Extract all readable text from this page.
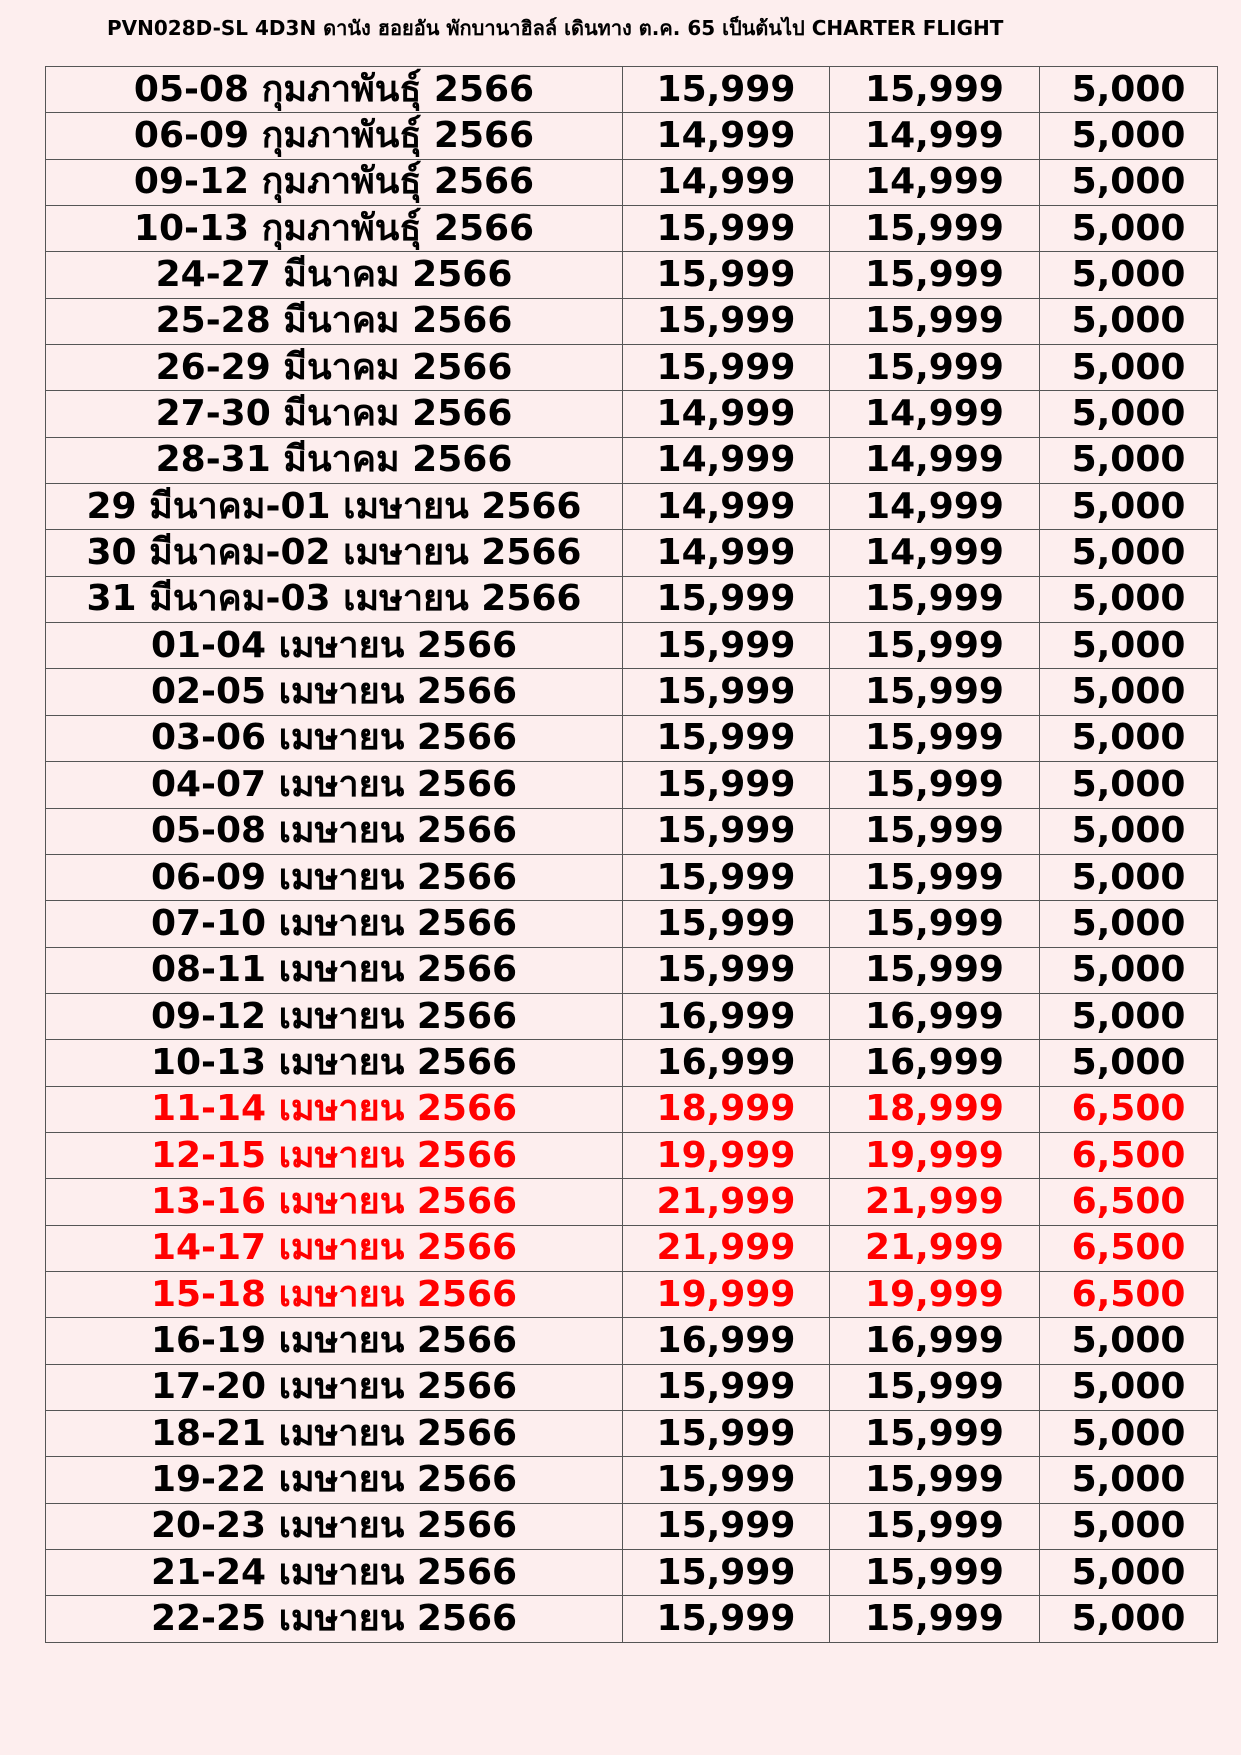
PVN028D-SL 4D3N ดานัง ฮอยอัน พักบานาฮิลล์ เดินทาง ต.ค. 65 เป็นต้นไป CHARTER FLIGHT
05-08 กุมภาพันธุ์ 2566	15,999	15,999	5,000
06-09 กุมภาพันธุ์ 2566	14,999	14,999	5,000
09-12 กุมภาพันธุ์ 2566	14,999	14,999	5,000
10-13 กุมภาพันธุ์ 2566	15,999	15,999	5,000
24-27 มีนาคม 2566	15,999	15,999	5,000
25-28 มีนาคม 2566	15,999	15,999	5,000
26-29 มีนาคม 2566	15,999	15,999	5,000
27-30 มีนาคม 2566	14,999	14,999	5,000
28-31 มีนาคม 2566	14,999	14,999	5,000
29 มีนาคม-01 เมษายน 2566	14,999	14,999	5,000
30 มีนาคม-02 เมษายน 2566	14,999	14,999	5,000
31 มีนาคม-03 เมษายน 2566	15,999	15,999	5,000
01-04 เมษายน 2566	15,999	15,999	5,000
02-05 เมษายน 2566	15,999	15,999	5,000
03-06 เมษายน 2566	15,999	15,999	5,000
04-07 เมษายน 2566	15,999	15,999	5,000
05-08 เมษายน 2566	15,999	15,999	5,000
06-09 เมษายน 2566	15,999	15,999	5,000
07-10 เมษายน 2566	15,999	15,999	5,000
08-11 เมษายน 2566	15,999	15,999	5,000
09-12 เมษายน 2566	16,999	16,999	5,000
10-13 เมษายน 2566	16,999	16,999	5,000
11-14 เมษายน 2566	18,999	18,999	6,500
12-15 เมษายน 2566	19,999	19,999	6,500
13-16 เมษายน 2566	21,999	21,999	6,500
14-17 เมษายน 2566	21,999	21,999	6,500
15-18 เมษายน 2566	19,999	19,999	6,500
16-19 เมษายน 2566	16,999	16,999	5,000
17-20 เมษายน 2566	15,999	15,999	5,000
18-21 เมษายน 2566	15,999	15,999	5,000
19-22 เมษายน 2566	15,999	15,999	5,000
20-23 เมษายน 2566	15,999	15,999	5,000
21-24 เมษายน 2566	15,999	15,999	5,000
22-25 เมษายน 2566	15,999	15,999	5,000
